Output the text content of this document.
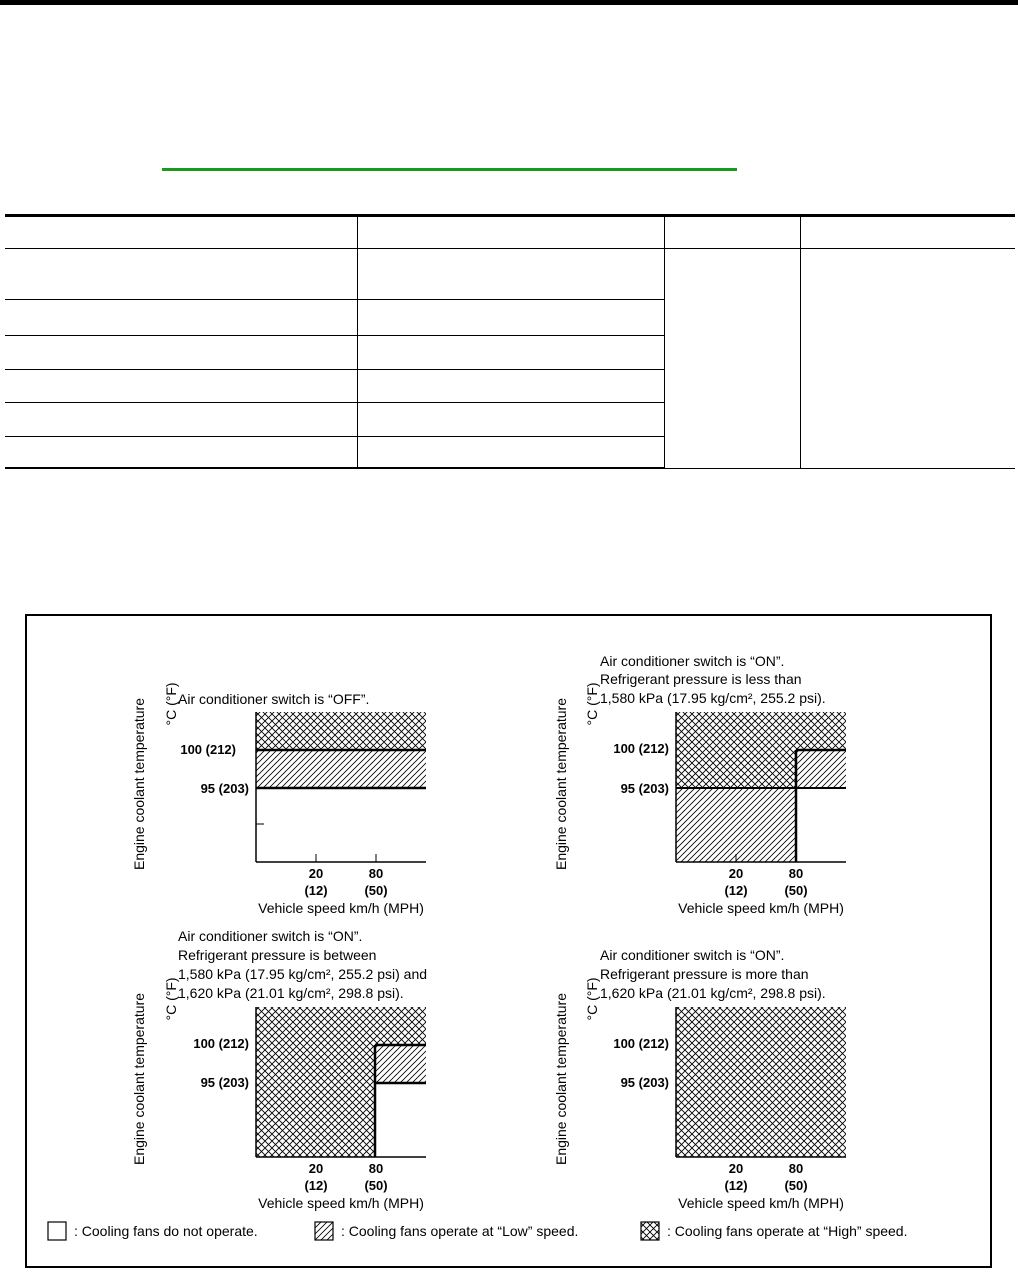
Air conditioner switch is “OFF”.
100 (212)
95 (203)
20
(12)
80
(50)
Vehicle speed km/h (MPH)
Engine coolant temperature °C (°F)
Air conditioner switch is “ON”.
Refrigerant pressure is less than
1,580 kPa (17.95 kg/cm², 255.2 psi).
100 (212)
95 (203)
20
(12)
80
(50)
Vehicle speed km/h (MPH)
Engine coolant temperature °C (°F)
Air conditioner switch is “ON”.
Refrigerant pressure is between
1,580 kPa (17.95 kg/cm², 255.2 psi) and
1,620 kPa (21.01 kg/cm², 298.8 psi).
100 (212)
95 (203)
20
(12)
80
(50)
Vehicle speed km/h (MPH)
Engine coolant temperature °C (°F)
Air conditioner switch is “ON”.
Refrigerant pressure is more than
1,620 kPa (21.01 kg/cm², 298.8 psi).
100 (212)
95 (203)
20
(12)
80
(50)
Vehicle speed km/h (MPH)
Engine coolant temperature °C (°F)
: Cooling fans do not operate.	: Cooling fans operate at “Low” speed.	: Cooling fans operate at “High” speed.
